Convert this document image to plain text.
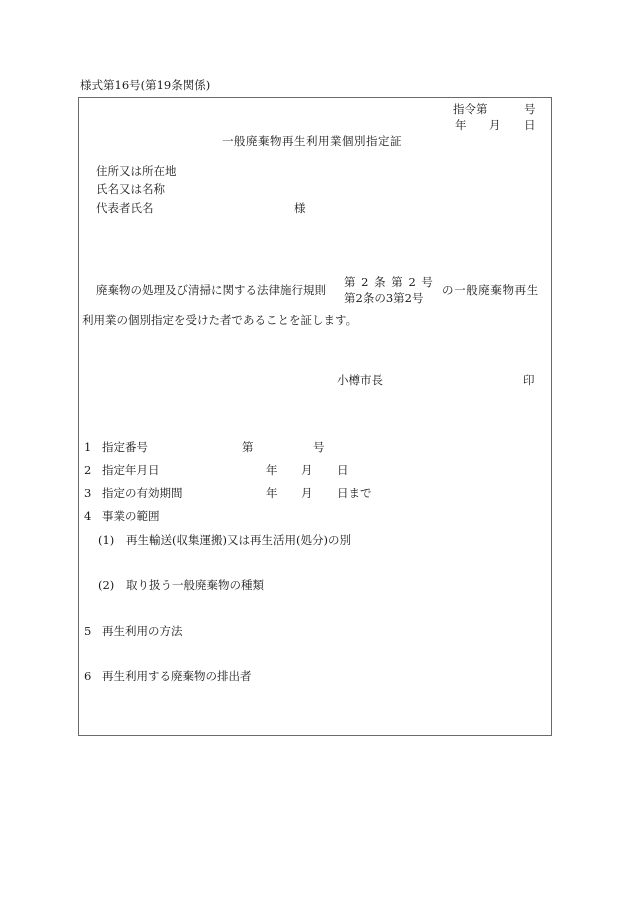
様式第16号(第19条関係)
指令第	号
年 月 日
一般廃棄物再生利用業個別指定証
住所又は所在地
氏名又は名称
代表者氏名	様
廃棄物の処理及び清掃に関する法律施行規則
第 2 条 第 2 号
第2条の3第2号
の一般廃棄物再生
利用業の個別指定を受けた者であることを証します。
小樽市長	印
1 指定番号	第	号
2 指定年月日	年 月 日
3 指定の有効期間	年 月 日まで
4 事業の範囲
(1) 再生輸送(収集運搬)又は再生活用(処分)の別
(2) 取り扱う一般廃棄物の種類
5 再生利用の方法
6 再生利用する廃棄物の排出者
